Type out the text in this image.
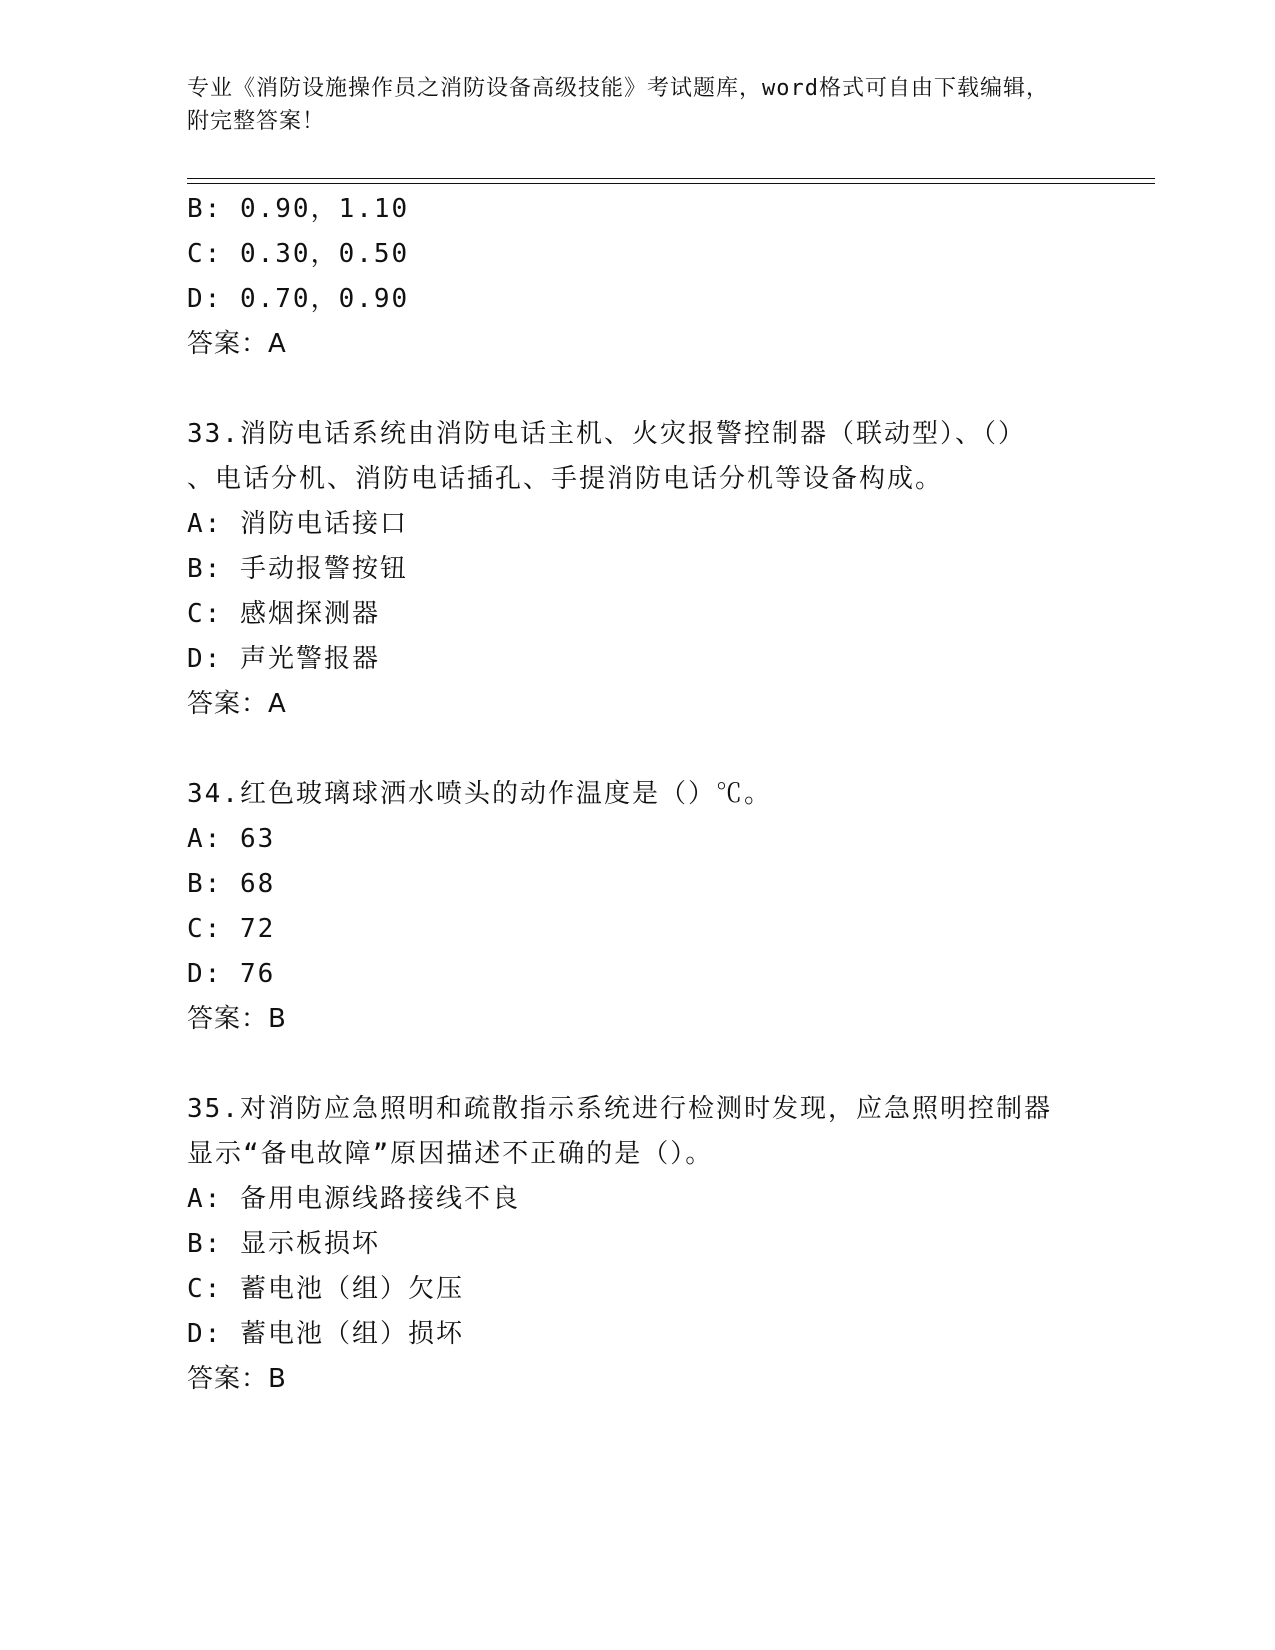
专业《消防设施操作员之消防设备高级技能》考试题库，word格式可自由下载编辑，附完整答案！
B: 0.90，1.10
C: 0.30，0.50
D: 0.70，0.90
答案：A
33.消防电话系统由消防电话主机、火灾报警控制器（联动型）、（）
、电话分机、消防电话插孔、手提消防电话分机等设备构成。
A: 消防电话接口
B: 手动报警按钮
C: 感烟探测器
D: 声光警报器
答案：A
34.红色玻璃球洒水喷头的动作温度是（）℃。
A: 63
B: 68
C: 72
D: 76
答案：B
35.对消防应急照明和疏散指示系统进行检测时发现，应急照明控制器
显示“备电故障”原因描述不正确的是（）。
A: 备用电源线路接线不良
B: 显示板损坏
C: 蓄电池（组）欠压
D: 蓄电池（组）损坏
答案：B
